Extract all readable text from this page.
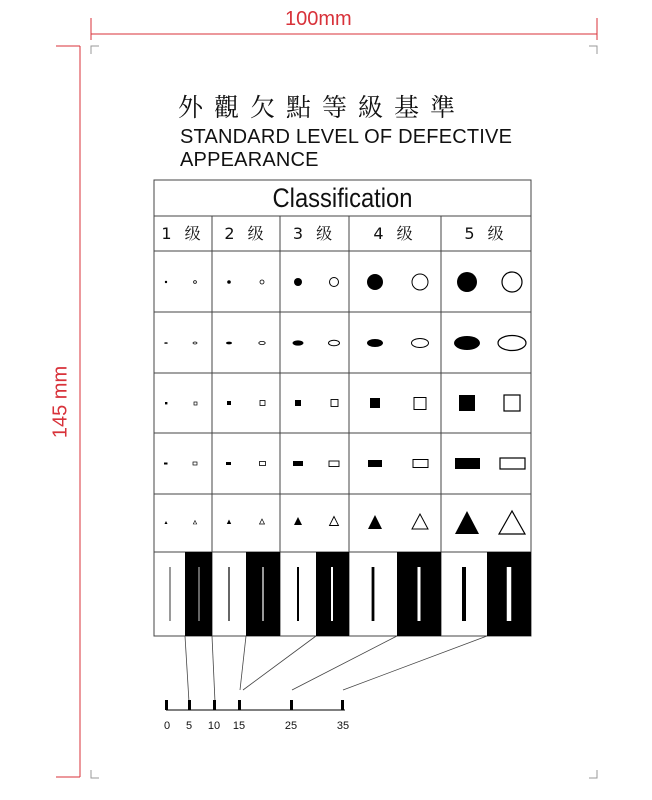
100mm
145 mm
外觀欠點等級基準
STANDARD LEVEL OF DEFECTIVE APPEARANCE
Classification
1 级	2 级	3 级	4 级	5 级
0 5 10 15	25	35
